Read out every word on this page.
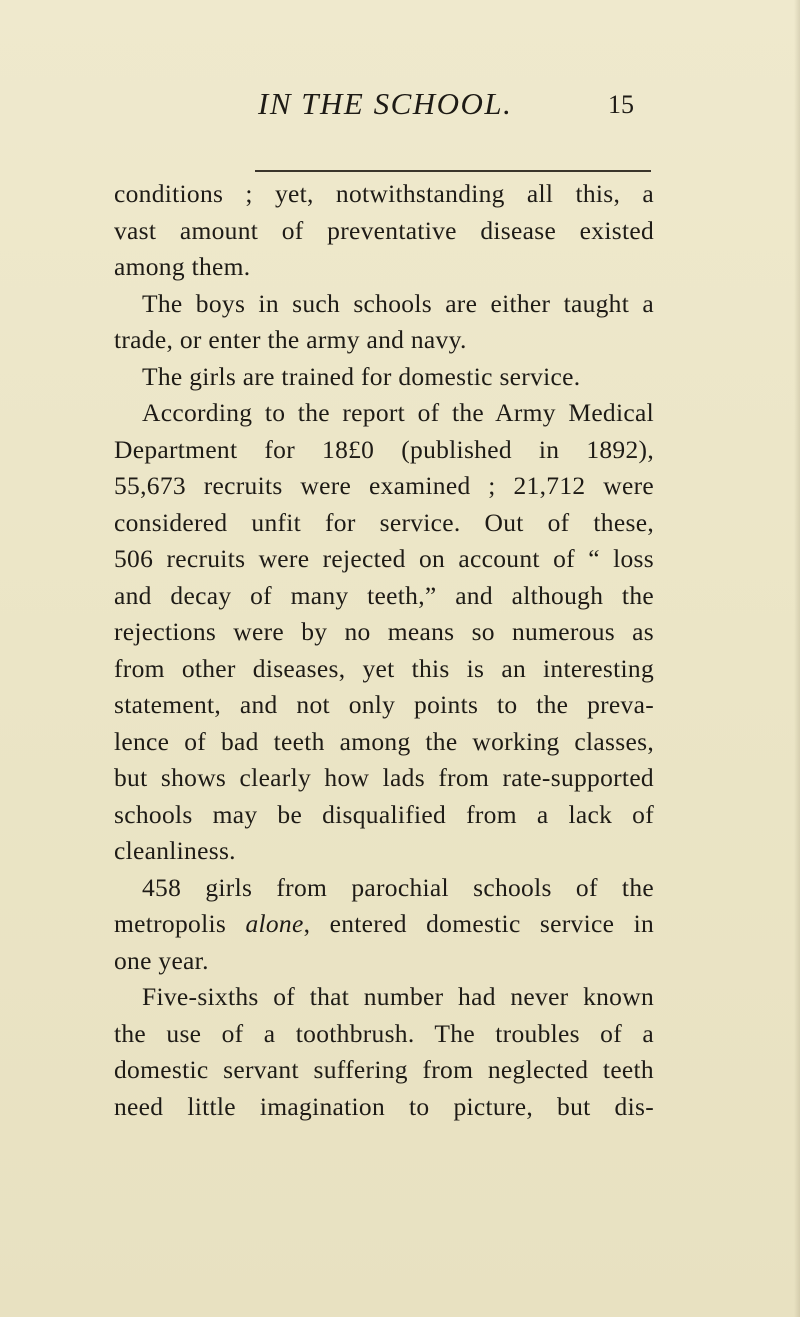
IN THE SCHOOL.	15
conditions ; yet, notwithstanding all this, a
vast amount of preventative disease existed
among them.
The boys in such schools are either taught a
trade, or enter the army and navy.
The girls are trained for domestic service.
According to the report of the Army Medical
Department for 18£0 (published in 1892),
55,673 recruits were examined ; 21,712 were
considered unfit for service. Out of these,
506 recruits were rejected on account of “ loss
and decay of many teeth,” and although the
rejections were by no means so numerous as
from other diseases, yet this is an interesting
statement, and not only points to the preva-
lence of bad teeth among the working classes,
but shows clearly how lads from rate-supported
schools may be disqualified from a lack of
cleanliness.
458 girls from parochial schools of the
metropolis alone, entered domestic service in
one year.
Five-sixths of that number had never known
the use of a toothbrush. The troubles of a
domestic servant suffering from neglected teeth
need little imagination to picture, but dis-
